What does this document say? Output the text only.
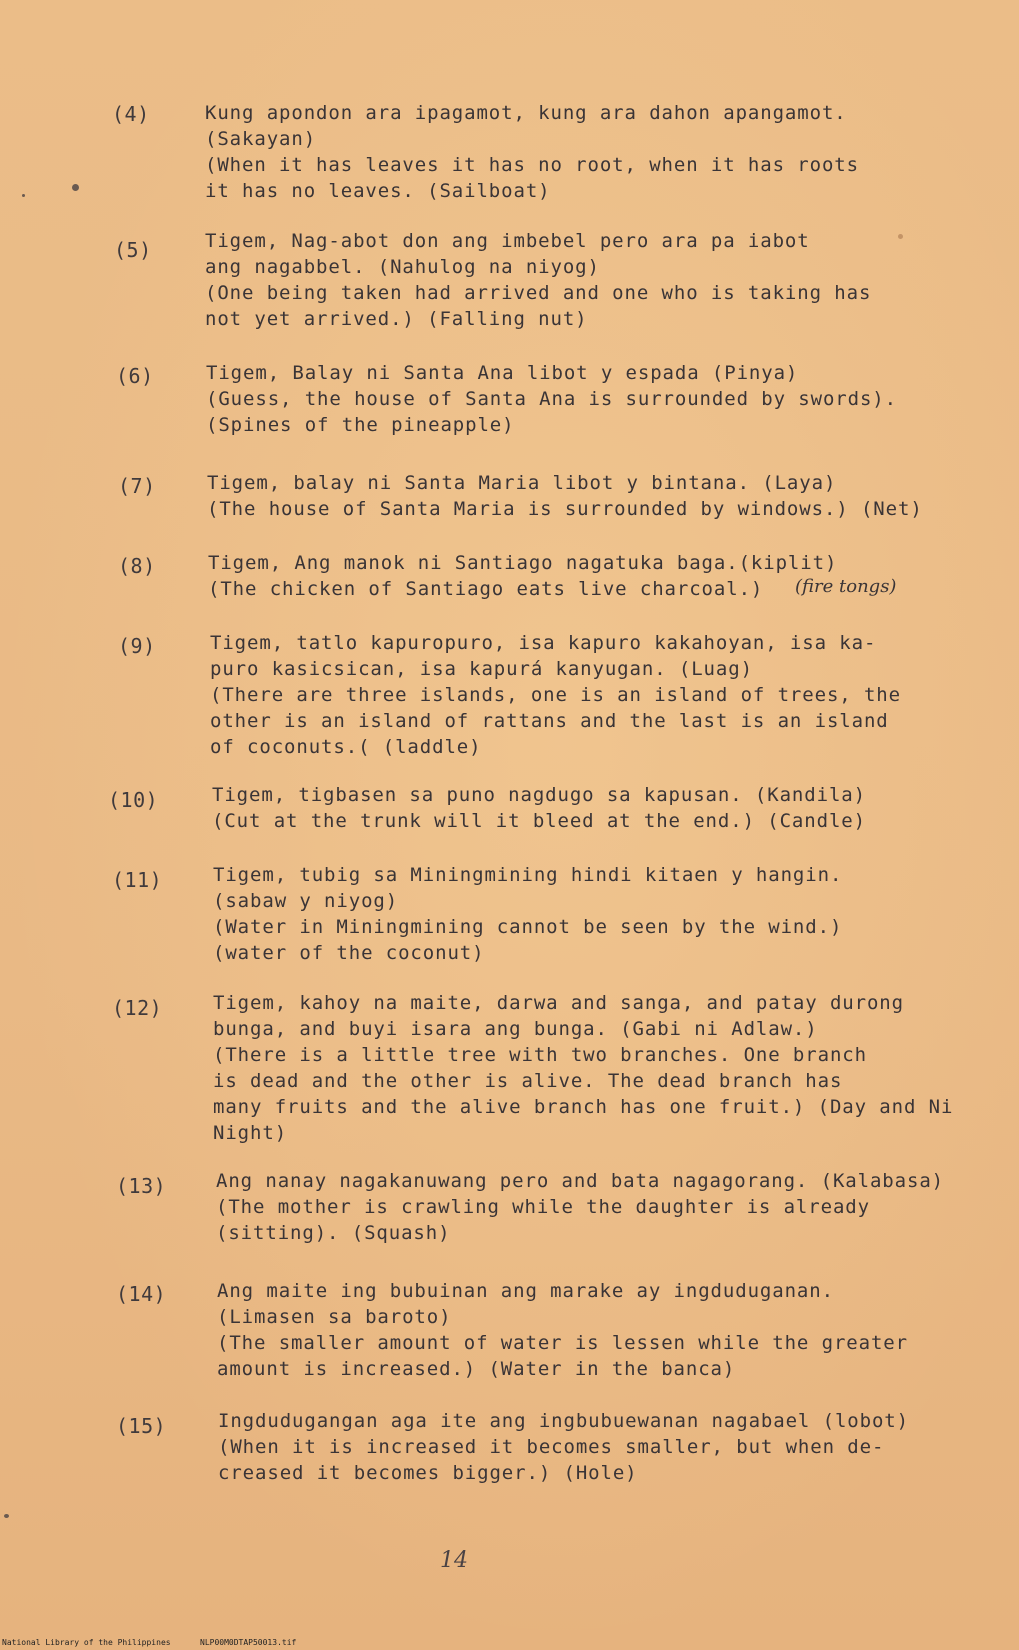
(4)	Kung apondon ara ipagamot, kung ara dahon apangamot.
(Sakayan)
(When it has leaves it has no root, when it has roots
it has no leaves. (Sailboat)
(5)	Tigem, Nag-abot don ang imbebel pero ara pa iabot
ang nagabbel. (Nahulog na niyog)
(One being taken had arrived and one who is taking has
not yet arrived.) (Falling nut)
(6)	Tigem, Balay ni Santa Ana libot y espada (Pinya)
(Guess, the house of Santa Ana is surrounded by swords).
(Spines of the pineapple)
(7)	Tigem, balay ni Santa Maria libot y bintana. (Laya)
(The house of Santa Maria is surrounded by windows.) (Net)
(8)	Tigem, Ang manok ni Santiago nagatuka baga.(kiplit)
(The chicken of Santiago eats live charcoal.) (fire tongs)
(9)	Tigem, tatlo kapuropuro, isa kapuro kakahoyan, isa ka-
puro kasicsican, isa kapurá kanyugan. (Luag)
(There are three islands, one is an island of trees, the
other is an island of rattans and the last is an island
of coconuts.( (laddle)
(10)	Tigem, tigbasen sa puno nagdugo sa kapusan. (Kandila)
(Cut at the trunk will it bleed at the end.) (Candle)
(11)	Tigem, tubig sa Miningmining hindi kitaen y hangin.
(sabaw y niyog)
(Water in Miningmining cannot be seen by the wind.)
(water of the coconut)
(12)	Tigem, kahoy na maite, darwa and sanga, and patay durong
bunga, and buyi isara ang bunga. (Gabi ni Adlaw.)
(There is a little tree with two branches. One branch
is dead and the other is alive. The dead branch has
many fruits and the alive branch has one fruit.) (Day and Ni
Night)
(13)	Ang nanay nagakanuwang pero and bata nagagorang. (Kalabasa)
(The mother is crawling while the daughter is already
(sitting). (Squash)
(14)	Ang maite ing bubuinan ang marake ay ingduduganan.
(Limasen sa baroto)
(The smaller amount of water is lessen while the greater
amount is increased.) (Water in the banca)
(15)	Ingdudugangan aga ite ang ingbubuewanan nagabael (lobot)
(When it is increased it becomes smaller, but when de-
creased it becomes bigger.) (Hole)
14
National Library of the Philippines	NLP00M0DTAP50013.tif
